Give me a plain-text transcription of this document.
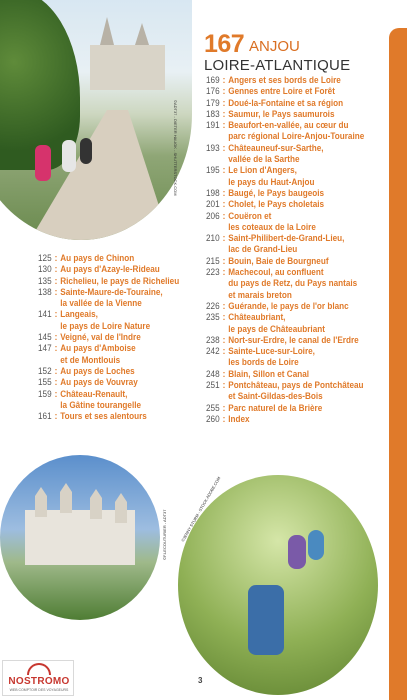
©ADT37 - DIETER HAUGK - SHUTTERSTOCK.COM
©F.LECOUTURIER - ADT37	©JENNY STURM - STOCK.ADOBE.COM
167 ANJOU
LOIRE-ATLANTIQUE
169 : Angers et ses bords de Loire
176 : Gennes entre Loire et Forêt
179 : Doué-la-Fontaine et sa région
183 : Saumur, le Pays saumurois
191 : Beaufort-en-vallée, au cœur du
parc régional Loire-Anjou-Touraine
193 : Châteauneuf-sur-Sarthe,
vallée de la Sarthe
195 : Le Lion d'Angers,
le pays du Haut-Anjou
198 : Baugé, le Pays baugeois
201 : Cholet, le Pays choletais
206 : Couëron et
les coteaux de la Loire
210 : Saint-Philibert-de-Grand-Lieu,
lac de Grand-Lieu
215 : Bouin, Baie de Bourgneuf
223 : Machecoul, au confluent
du pays de Retz, du Pays nantais
et marais breton
226 : Guérande, le pays de l'or blanc
235 : Châteaubriant,
le pays de Châteaubriant
238 : Nort-sur-Erdre, le canal de l'Erdre
242 : Sainte-Luce-sur-Loire,
les bords de Loire
248 : Blain, Sillon et Canal
251 : Pontchâteau, pays de Pontchâteau
et Saint-Gildas-des-Bois
255 : Parc naturel de la Brière
260 : Index
125 : Au pays de Chinon
130 : Au pays d'Azay-le-Rideau
135 : Richelieu, le pays de Richelieu
138 : Sainte-Maure-de-Touraine,
la vallée de la Vienne
141 : Langeais,
le pays de Loire Nature
145 : Veigné, val de l'Indre
147 : Au pays d'Amboise
et de Montlouis
152 : Au pays de Loches
155 : Au pays de Vouvray
159 : Château-Renault,
la Gâtine tourangelle
161 : Tours et ses alentours
3
NOSTROMO
WEB COMPTOIR DES VOYAGEURS
